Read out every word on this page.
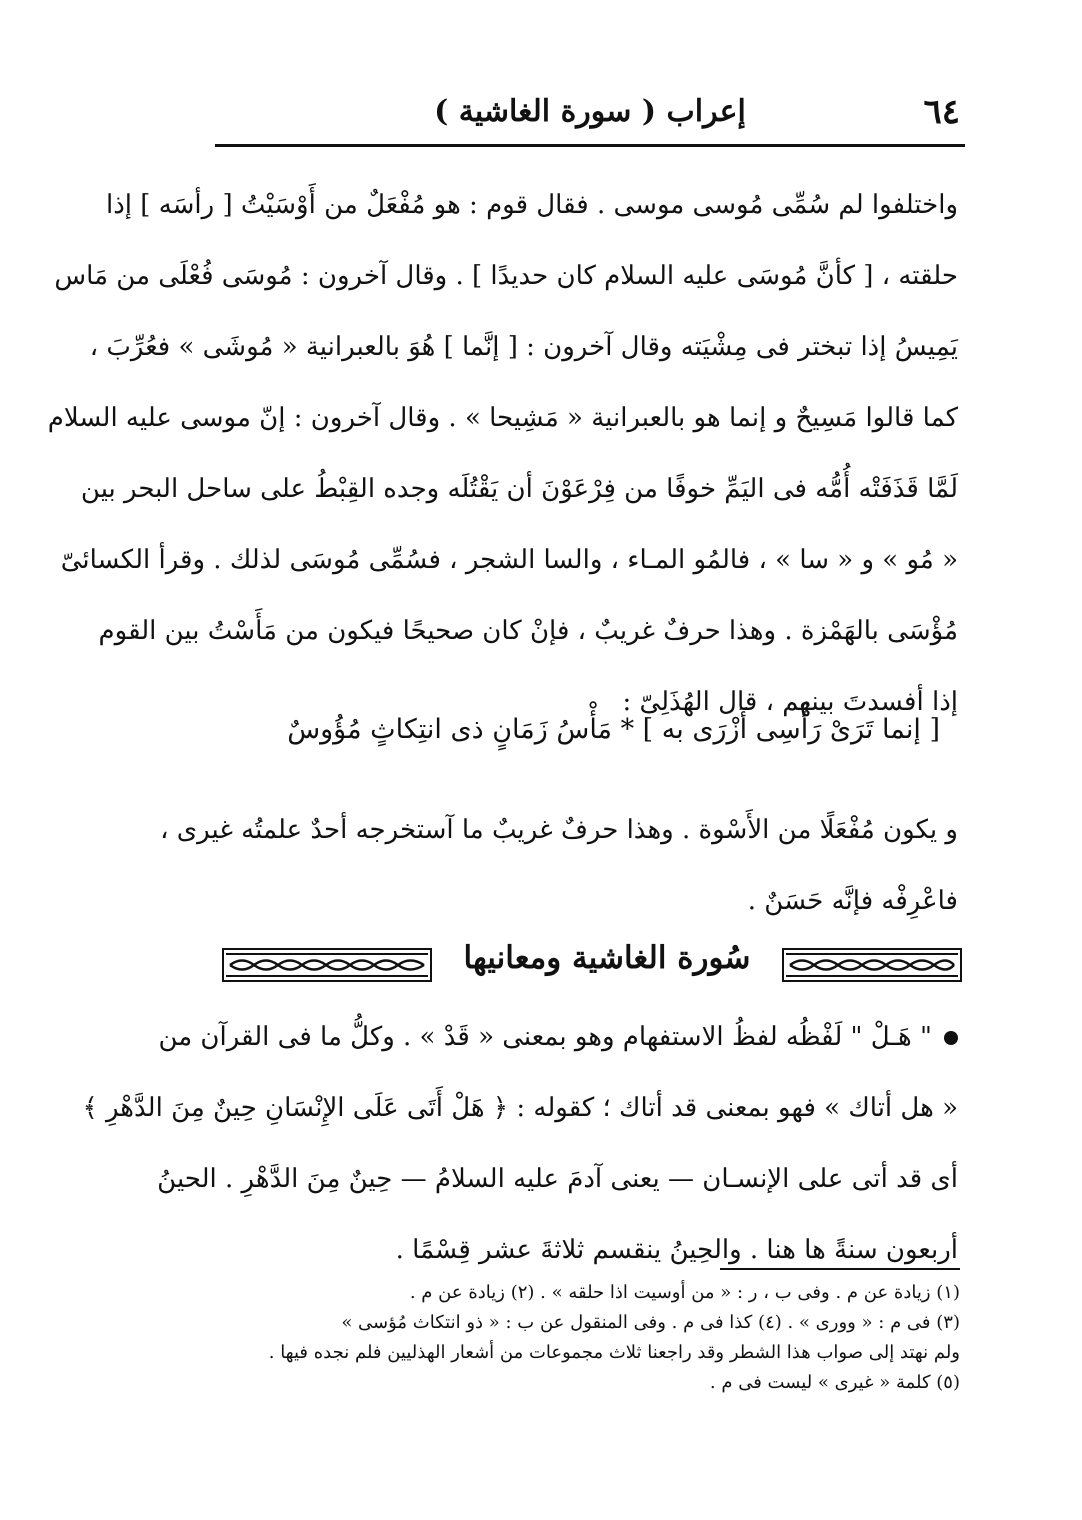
٦٤
إعراب ( سورة الغاشية )
واختلفوا لم سُمِّى مُوسى موسى . فقال قوم : هو مُفْعَلٌ من أَوْسَيْتُ [ رأسَه ] إذا
حلقته ، [ كأنَّ مُوسَى عليه السلام كان حديدًا ] . وقال آخرون : مُوسَى فُعْلَى من مَاس
يَمِيسُ إذا تبختر فى مِشْيَته وقال آخرون : [ إنَّما ] هُوَ بالعبرانية « مُوشَى » فعُرِّبَ ،
كما قالوا مَسِيحٌ و إنما هو بالعبرانية « مَشِيحا » . وقال آخرون : إنّ موسى عليه السلام
لَمَّا قَذَفَتْه أُمُّه فى اليَمِّ خوفًا من فِرْعَوْنَ أن يَقْتُلَه وجده القِبْطُ على ساحل البحر بين
« مُو » و « سا » ، فالمُو المـاء ، والسا الشجر ، فسُمِّى مُوسَى لذلك . وقرأ الكسائىّ
مُؤْسَى بالهَمْزة . وهذا حرفٌ غريبٌ ، فإنْ كان صحيحًا فيكون من مَأَسْتُ بين القوم
إذا أفسدتَ بينهم ، قال الهُذَلِىّ :
[ إنما تَرَىْ رَأْسِى أَزْرَى به ] * مَأْسُ زَمَانٍ ذى انتِكاثٍ مُؤُوسٌ
و يكون مُفْعَلًا من الأَسْوة . وهذا حرفٌ غريبٌ ما آستخرجه أحدٌ علمتُه غيرى ،
فاعْرِفْه فإنَّه حَسَنٌ .
سُورة الغاشية ومعانيها
" هَـلْ " لَفْظُه لفظُ الاستفهام وهو بمعنى « قَدْ » . وكلُّ ما فى القرآن من
« هل أتاك » فهو بمعنى قد أتاك ؛ كقوله : ﴿ هَلْ أَتَى عَلَى الإِنْسَانِ حِينٌ مِنَ الدَّهْرِ ﴾
أى قد أتى على الإنسـان — يعنى آدمَ عليه السلامُ — حِينٌ مِنَ الدَّهْرِ . الحينُ
أربعون سنةً ها هنا . والحِينُ ينقسم ثلاثةَ عشر قِسْمًا .
(١) زيادة عن م . وفى ب ، ر : « من أوسيت اذا حلقه » . (٢) زيادة عن م .
(٣) فى م : « وورى » . (٤) كذا فى م . وفى المنقول عن ب : « ذو انتكاث مُؤسى »
ولم نهتد إلى صواب هذا الشطر وقد راجعنا ثلاث مجموعات من أشعار الهذليين فلم نجده فيها .
(٥) كلمة « غيرى » ليست فى م .
